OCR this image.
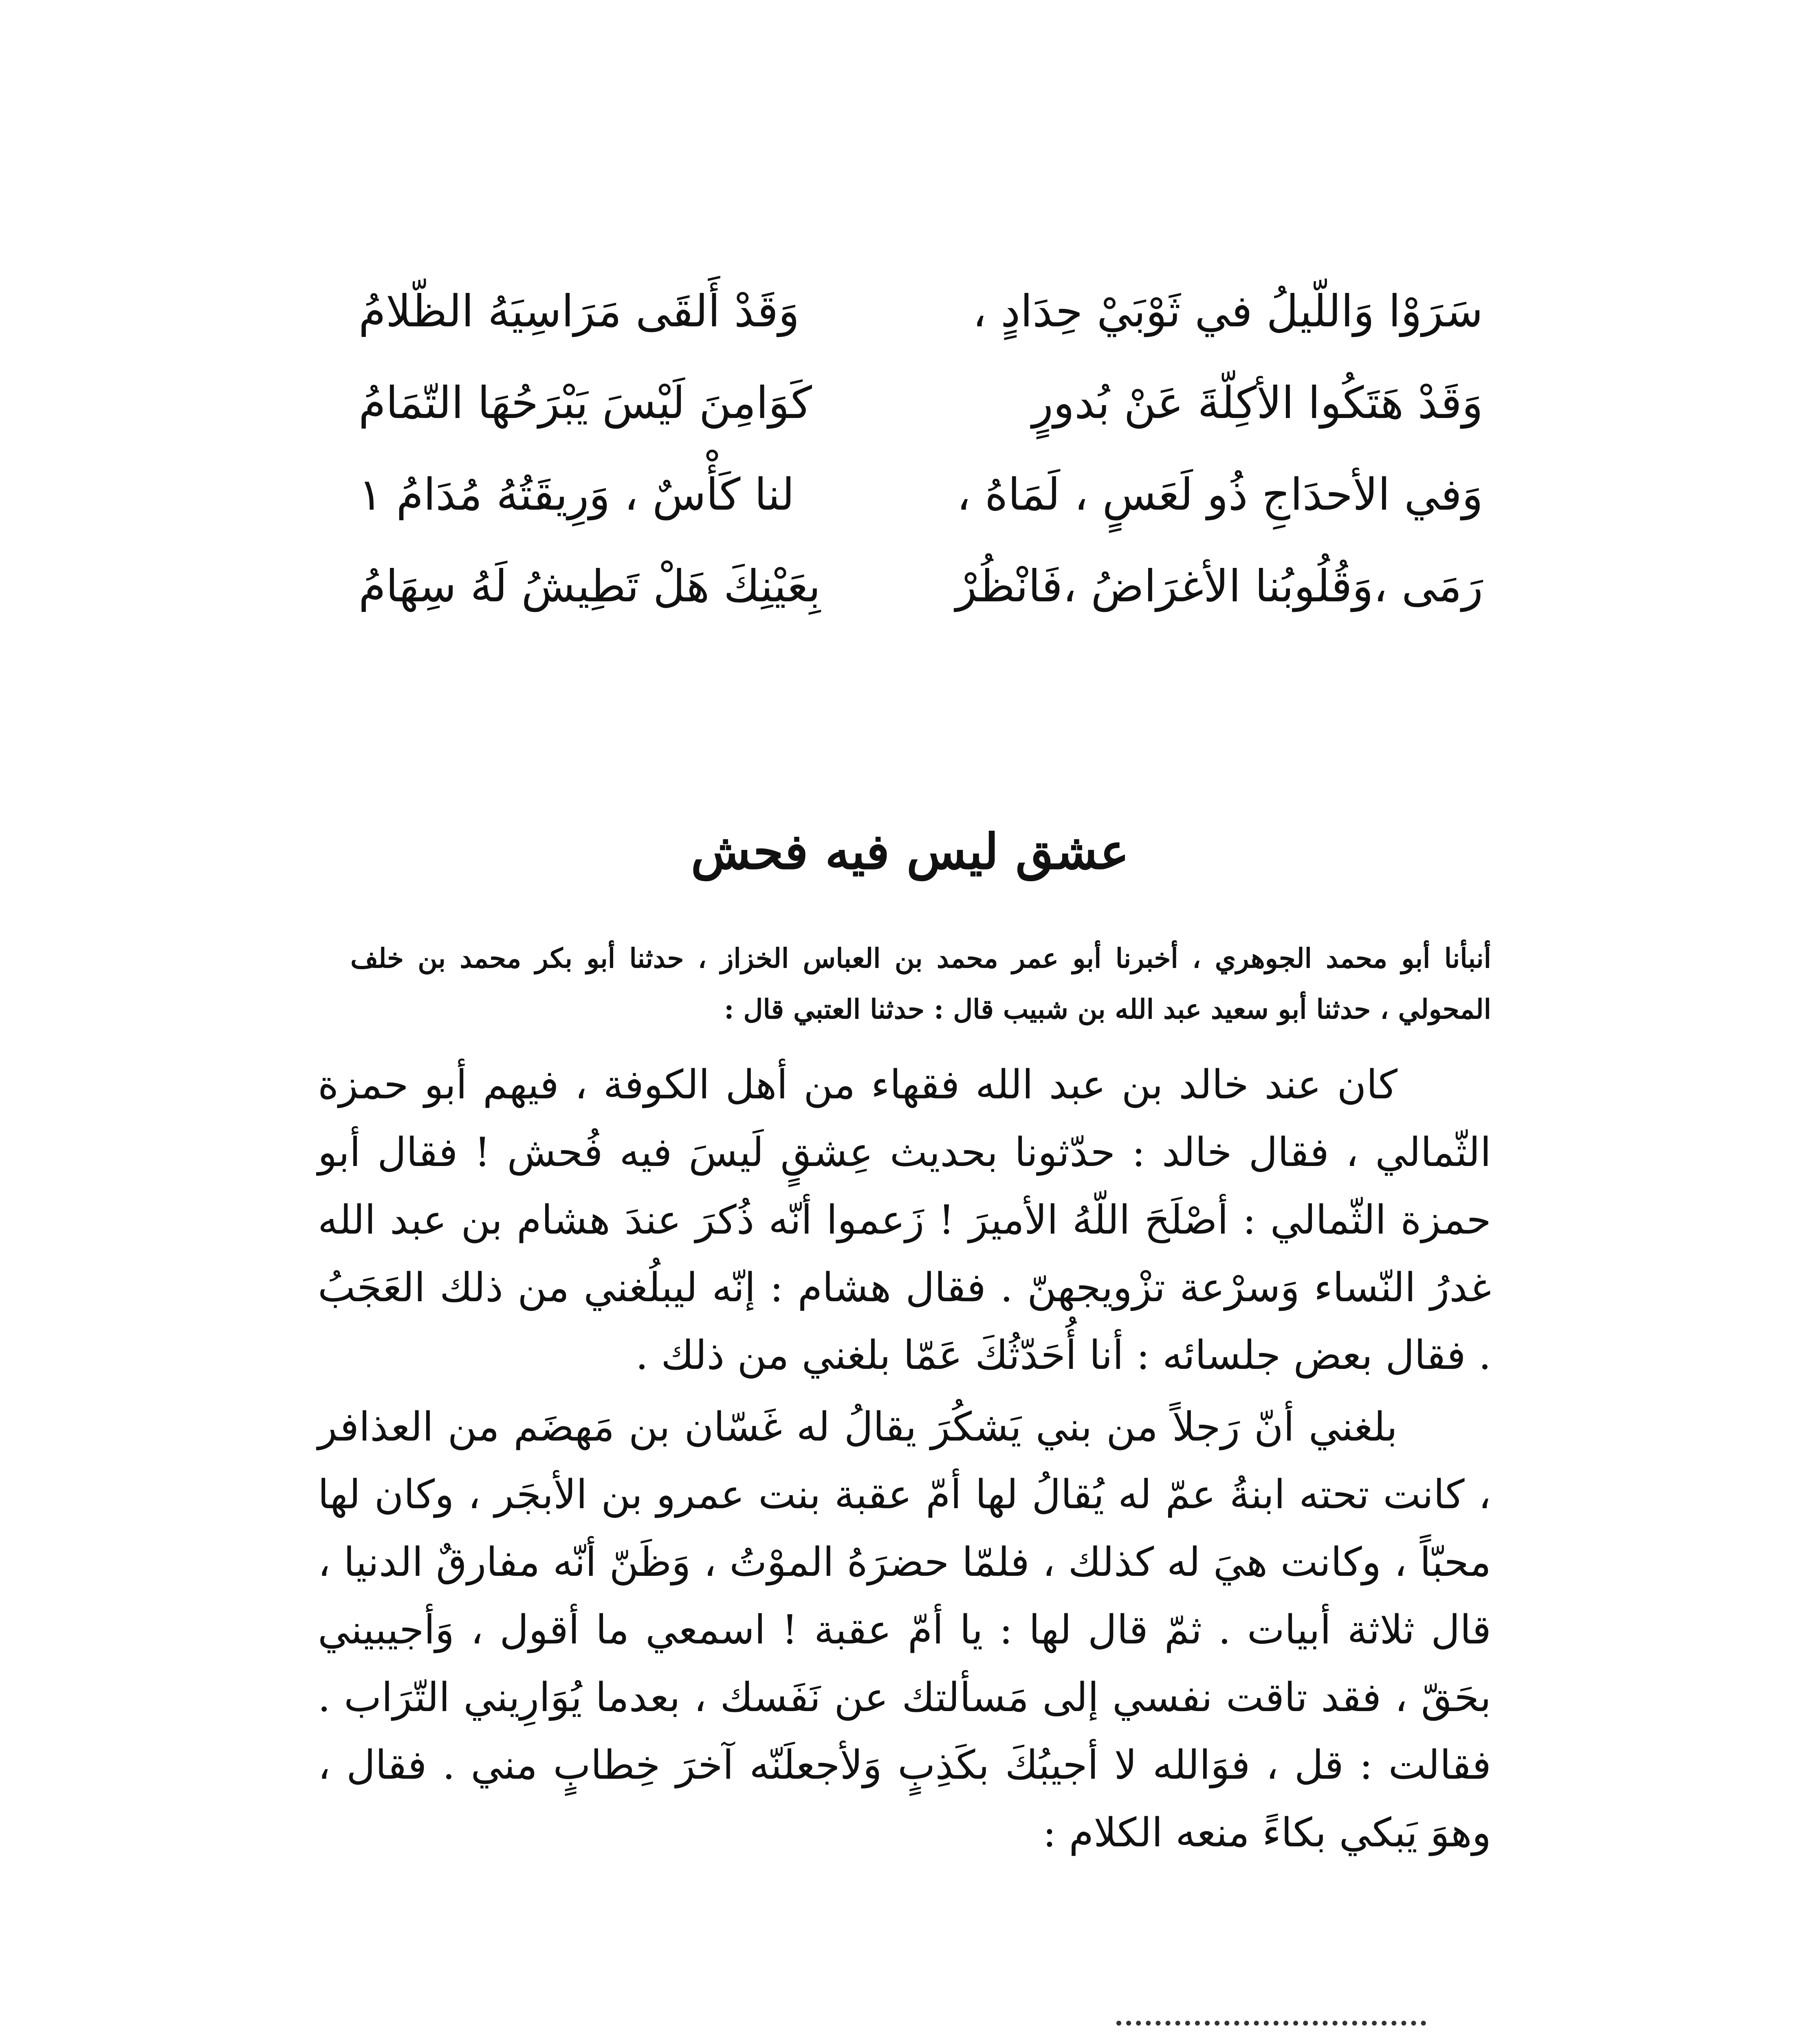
سَرَوْا وَاللّيلُ في ثَوْبَيْ حِدَادٍ ،
وَقَدْ أَلقَى مَرَاسِيَهُ الظّلامُ
وَقَدْ هَتَكُوا الأكِلّةَ عَنْ بُدورٍ
كَوَامِنَ لَيْسَ يَبْرَحُهَا التّمَامُ
وَفي الأحدَاجِ ذُو لَعَسٍ ، لَمَاهُ ،
لنا كَأْسٌ ، وَرِيقَتُهُ مُدَامُ ١
رَمَى ،وَقُلُوبُنا الأغرَاضُ ،فَانْظُرْ
بِعَيْنِكَ هَلْ تَطِيشُ لَهُ سِهَامُ
عشق ليس فيه فحش
أنبأنا أبو محمد الجوهري ، أخبرنا أبو عمر محمد بن العباس الخزاز ، حدثنا أبو بكر محمد بن خلف المحولي ، حدثنا أبو سعيد عبد الله بن شبيب قال : حدثنا العتبي قال :

كان عند خالد بن عبد الله فقهاء من أهل الكوفة ، فيهم أبو حمزة الثّمالي ، فقال خالد : حدّثونا بحديث عِشقٍ لَيسَ فيه فُحش ! فقال أبو حمزة الثّمالي : أصْلَحَ اللّهُ الأميرَ ! زَعموا أنّه ذُكرَ عندَ هشام بن عبد الله غدرُ النّساء وَسرْعة تزْويجهنّ . فقال هشام : إنّه ليبلُغني من ذلك العَجَبُ . فقال بعض جلسائه : أنا أُحَدّثُكَ عَمّا بلغني من ذلك .

بلغني أنّ رَجلاً من بني يَشكُرَ يقالُ له غَسّان بن مَهضَم من العذافر ، كانت تحته ابنةُ عمّ له يُقالُ لها أمّ عقبة بنت عمرو بن الأبجَر ، وكان لها محبّاً ، وكانت هيَ له كذلك ، فلمّا حضرَهُ الموْتُ ، وَظَنّ أنّه مفارقٌ الدنيا ، قال ثلاثة أبيات . ثمّ قال لها : يا أمّ عقبة ! اسمعي ما أقول ، وَأجيبيني بحَقّ ، فقد تاقت نفسي إلى مَسألتك عن نَفَسك ، بعدما يُوَارِيني التّرَاب . فقالت : قل ، فوَالله لا أجيبُكَ بكَذِبٍ وَلأجعلَنّه آخرَ خِطابٍ مني . فقال ، وهوَ يَبكي بكاءً منعه الكلام :
